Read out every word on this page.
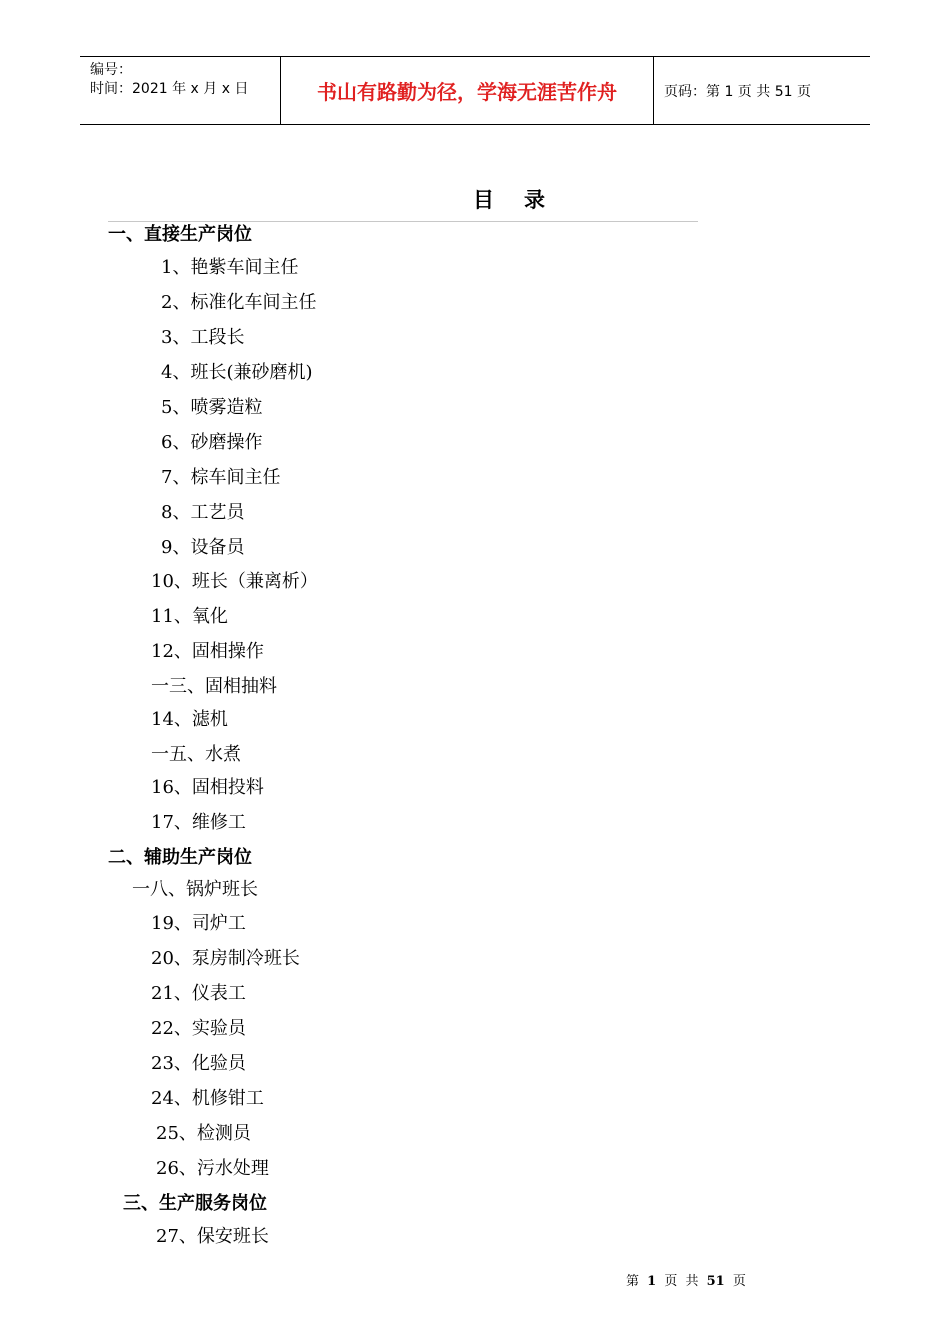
编号：
时间：2021 年 x 月 x 日	书山有路勤为径，学海无涯苦作舟	页码：第 1 页 共 51 页
目录
一、直接生产岗位
1、艳紫车间主任
2、标准化车间主任
3、工段长
4、班长(兼砂磨机)
5、喷雾造粒
6、砂磨操作
7、棕车间主任
8、工艺员
9、设备员
10、班长（兼离析）
11、氧化
12、固相操作
一三、固相抽料
14、滤机
一五、水煮
16、固相投料
17、维修工
二、辅助生产岗位
一八、锅炉班长
19、司炉工
20、泵房制冷班长
21、仪表工
22、实验员
23、化验员
24、机修钳工
25、检测员
26、污水处理
三、生产服务岗位
27、保安班长
第 1 页 共 51 页
